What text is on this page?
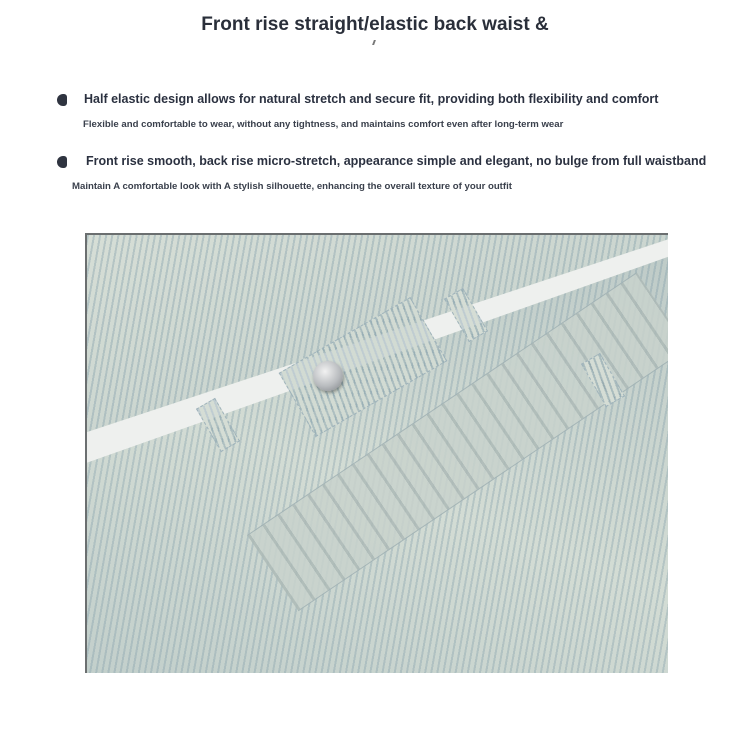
Front rise straight/elastic back waist &
Half elastic design allows for natural stretch and secure fit, providing both flexibility and comfort
Flexible and comfortable to wear, without any tightness, and maintains comfort even after long-term wear
Front rise smooth, back rise micro-stretch, appearance simple and elegant, no bulge from full waistband
Maintain A comfortable look with A stylish silhouette, enhancing the overall texture of your outfit
